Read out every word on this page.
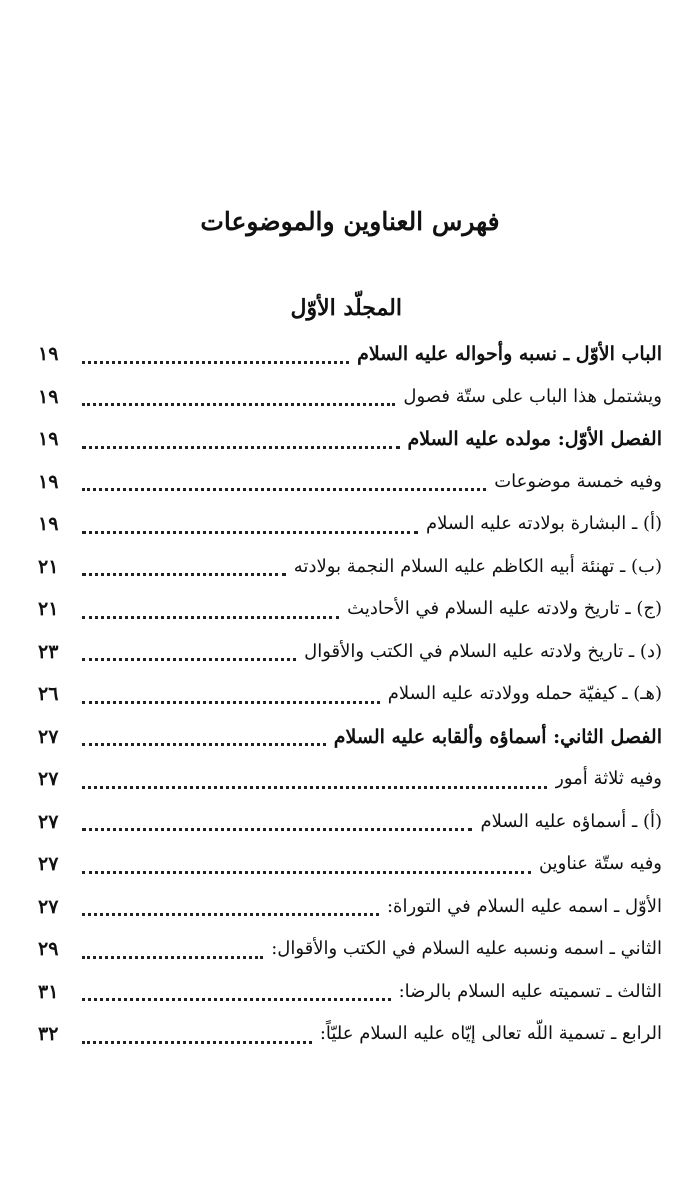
فهرس العناوين والموضوعات
المجلّد الأوّل
الباب الأوّل ـ نسبه وأحواله عليه السلام
١٩
ويشتمل هذا الباب على ستّة فصول
١٩
الفصل الأوّل: مولده عليه السلام
١٩
وفيه خمسة موضوعات
١٩
(أ) ـ البشارة بولادته عليه السلام
١٩
(ب) ـ تهنئة أبيه الكاظم عليه السلام النجمة بولادته
٢١
(ج) ـ تاريخ ولادته عليه السلام في الأحاديث
٢١
(د) ـ تاريخ ولادته عليه السلام في الكتب والأقوال
٢٣
(هـ) ـ كيفيّة حمله وولادته عليه السلام
٢٦
الفصل الثاني: أسماؤه وألقابه عليه السلام
٢٧
وفيه ثلاثة أمور
٢٧
(أ) ـ أسماؤه عليه السلام
٢٧
وفيه ستّة عناوين
٢٧
الأوّل ـ اسمه عليه السلام في التوراة:
٢٧
الثاني ـ اسمه ونسبه عليه السلام في الكتب والأقوال:
٢٩
الثالث ـ تسميته عليه السلام بالرضا:
٣١
الرابع ـ تسمية اللّه تعالى إيّاه عليه السلام عليّاً:
٣٢
